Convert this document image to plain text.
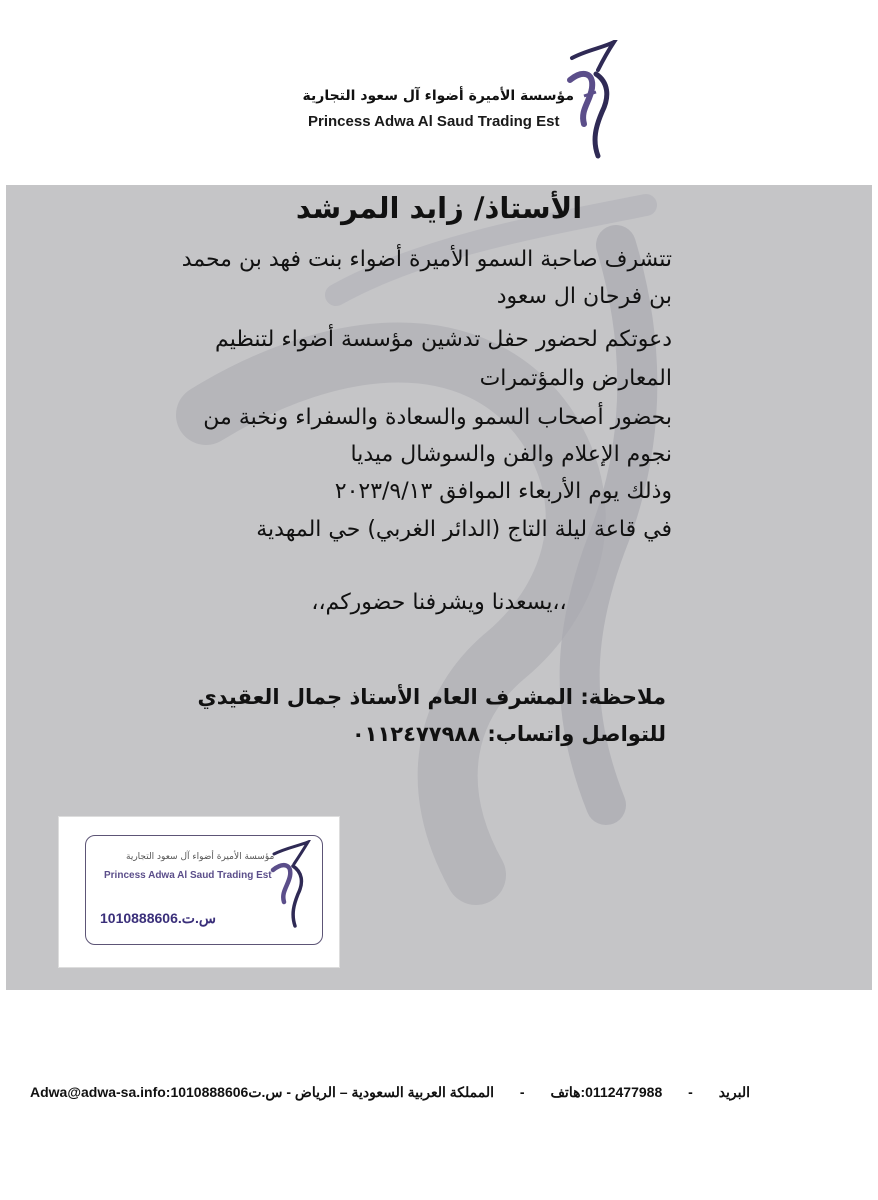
مؤسسة الأميرة أضواء آل سعود التجارية
Princess Adwa Al Saud Trading Est
الأستاذ/ زايد المرشد
تتشرف صاحبة السمو الأميرة أضواء بنت فهد بن محمد
بن فرحان ال سعود
دعوتكم لحضور حفل تدشين مؤسسة أضواء لتنظيم
المعارض والمؤتمرات
بحضور أصحاب السمو والسعادة والسفراء ونخبة من
نجوم الإعلام والفن والسوشال ميديا
وذلك يوم الأربعاء الموافق ٢٠٢٣/٩/١٣
في قاعة ليلة التاج (الدائر الغربي) حي المهدية
،،يسعدنا ويشرفنا حضوركم،،
ملاحظة: المشرف العام الأستاذ جمال العقيدي
للتواصل واتساب: ٠١١٢٤٧٧٩٨٨
مؤسسة الأميرة أضواء آل سعود التجارية
Princess Adwa Al Saud Trading Est
1010888606.س.ت
Adwa@adwa-sa.info:البريد - 0112477988:هاتف - المملكة العربية السعودية – الرياض - س.ت1010888606
